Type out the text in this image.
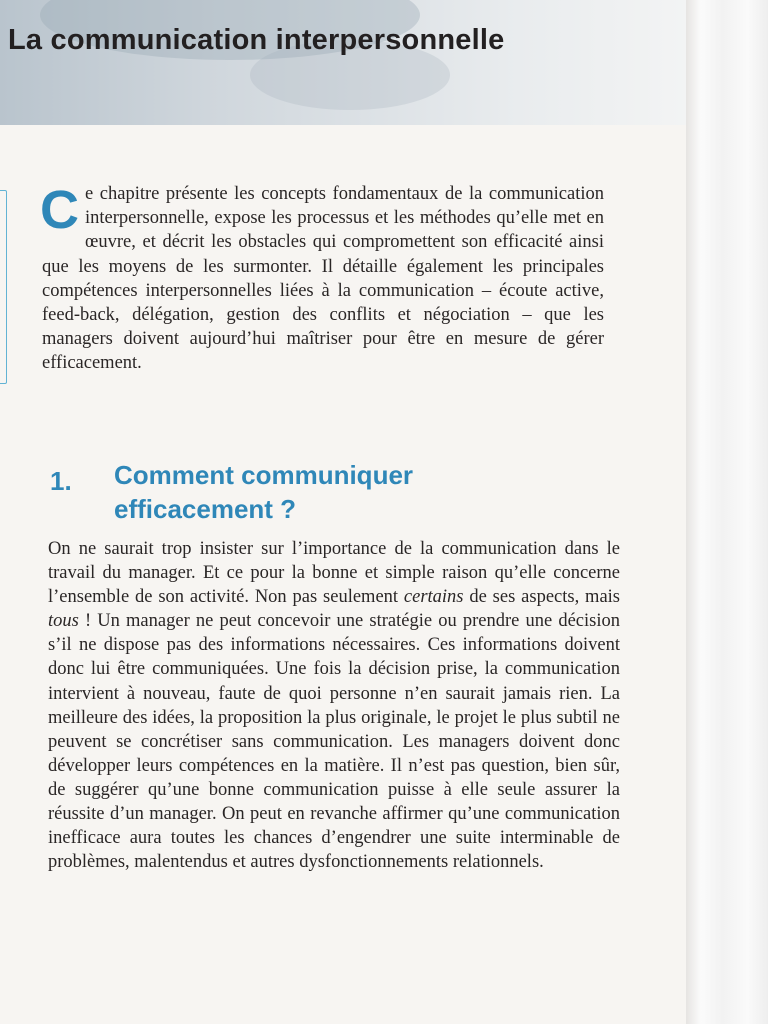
La communication interpersonnelle

Ce chapitre présente les concepts fondamentaux de la communication interpersonnelle, expose les processus et les méthodes qu’elle met en œuvre, et décrit les obstacles qui compromettent son efficacité ainsi que les moyens de les surmonter. Il détaille également les principales compétences interpersonnelles liées à la communication – écoute active, feed-back, délégation, gestion des conflits et négociation – que les managers doivent aujourd’hui maîtriser pour être en mesure de gérer efficacement.

1. Comment communiquer
efficacement ?

On ne saurait trop insister sur l’importance de la communication dans le travail du manager. Et ce pour la bonne et simple raison qu’elle concerne l’ensemble de son activité. Non pas seulement certains de ses aspects, mais tous ! Un manager ne peut concevoir une stratégie ou prendre une décision s’il ne dispose pas des informations nécessaires. Ces informations doivent donc lui être communiquées. Une fois la décision prise, la communication intervient à nouveau, faute de quoi personne n’en saurait jamais rien. La meilleure des idées, la proposition la plus originale, le projet le plus subtil ne peuvent se concrétiser sans communication. Les managers doivent donc développer leurs compétences en la matière. Il n’est pas question, bien sûr, de suggérer qu’une bonne communication puisse à elle seule assurer la réussite d’un manager. On peut en revanche affirmer qu’une communication inefficace aura toutes les chances d’engendrer une suite interminable de problèmes, malentendus et autres dysfonctionnements relationnels.
